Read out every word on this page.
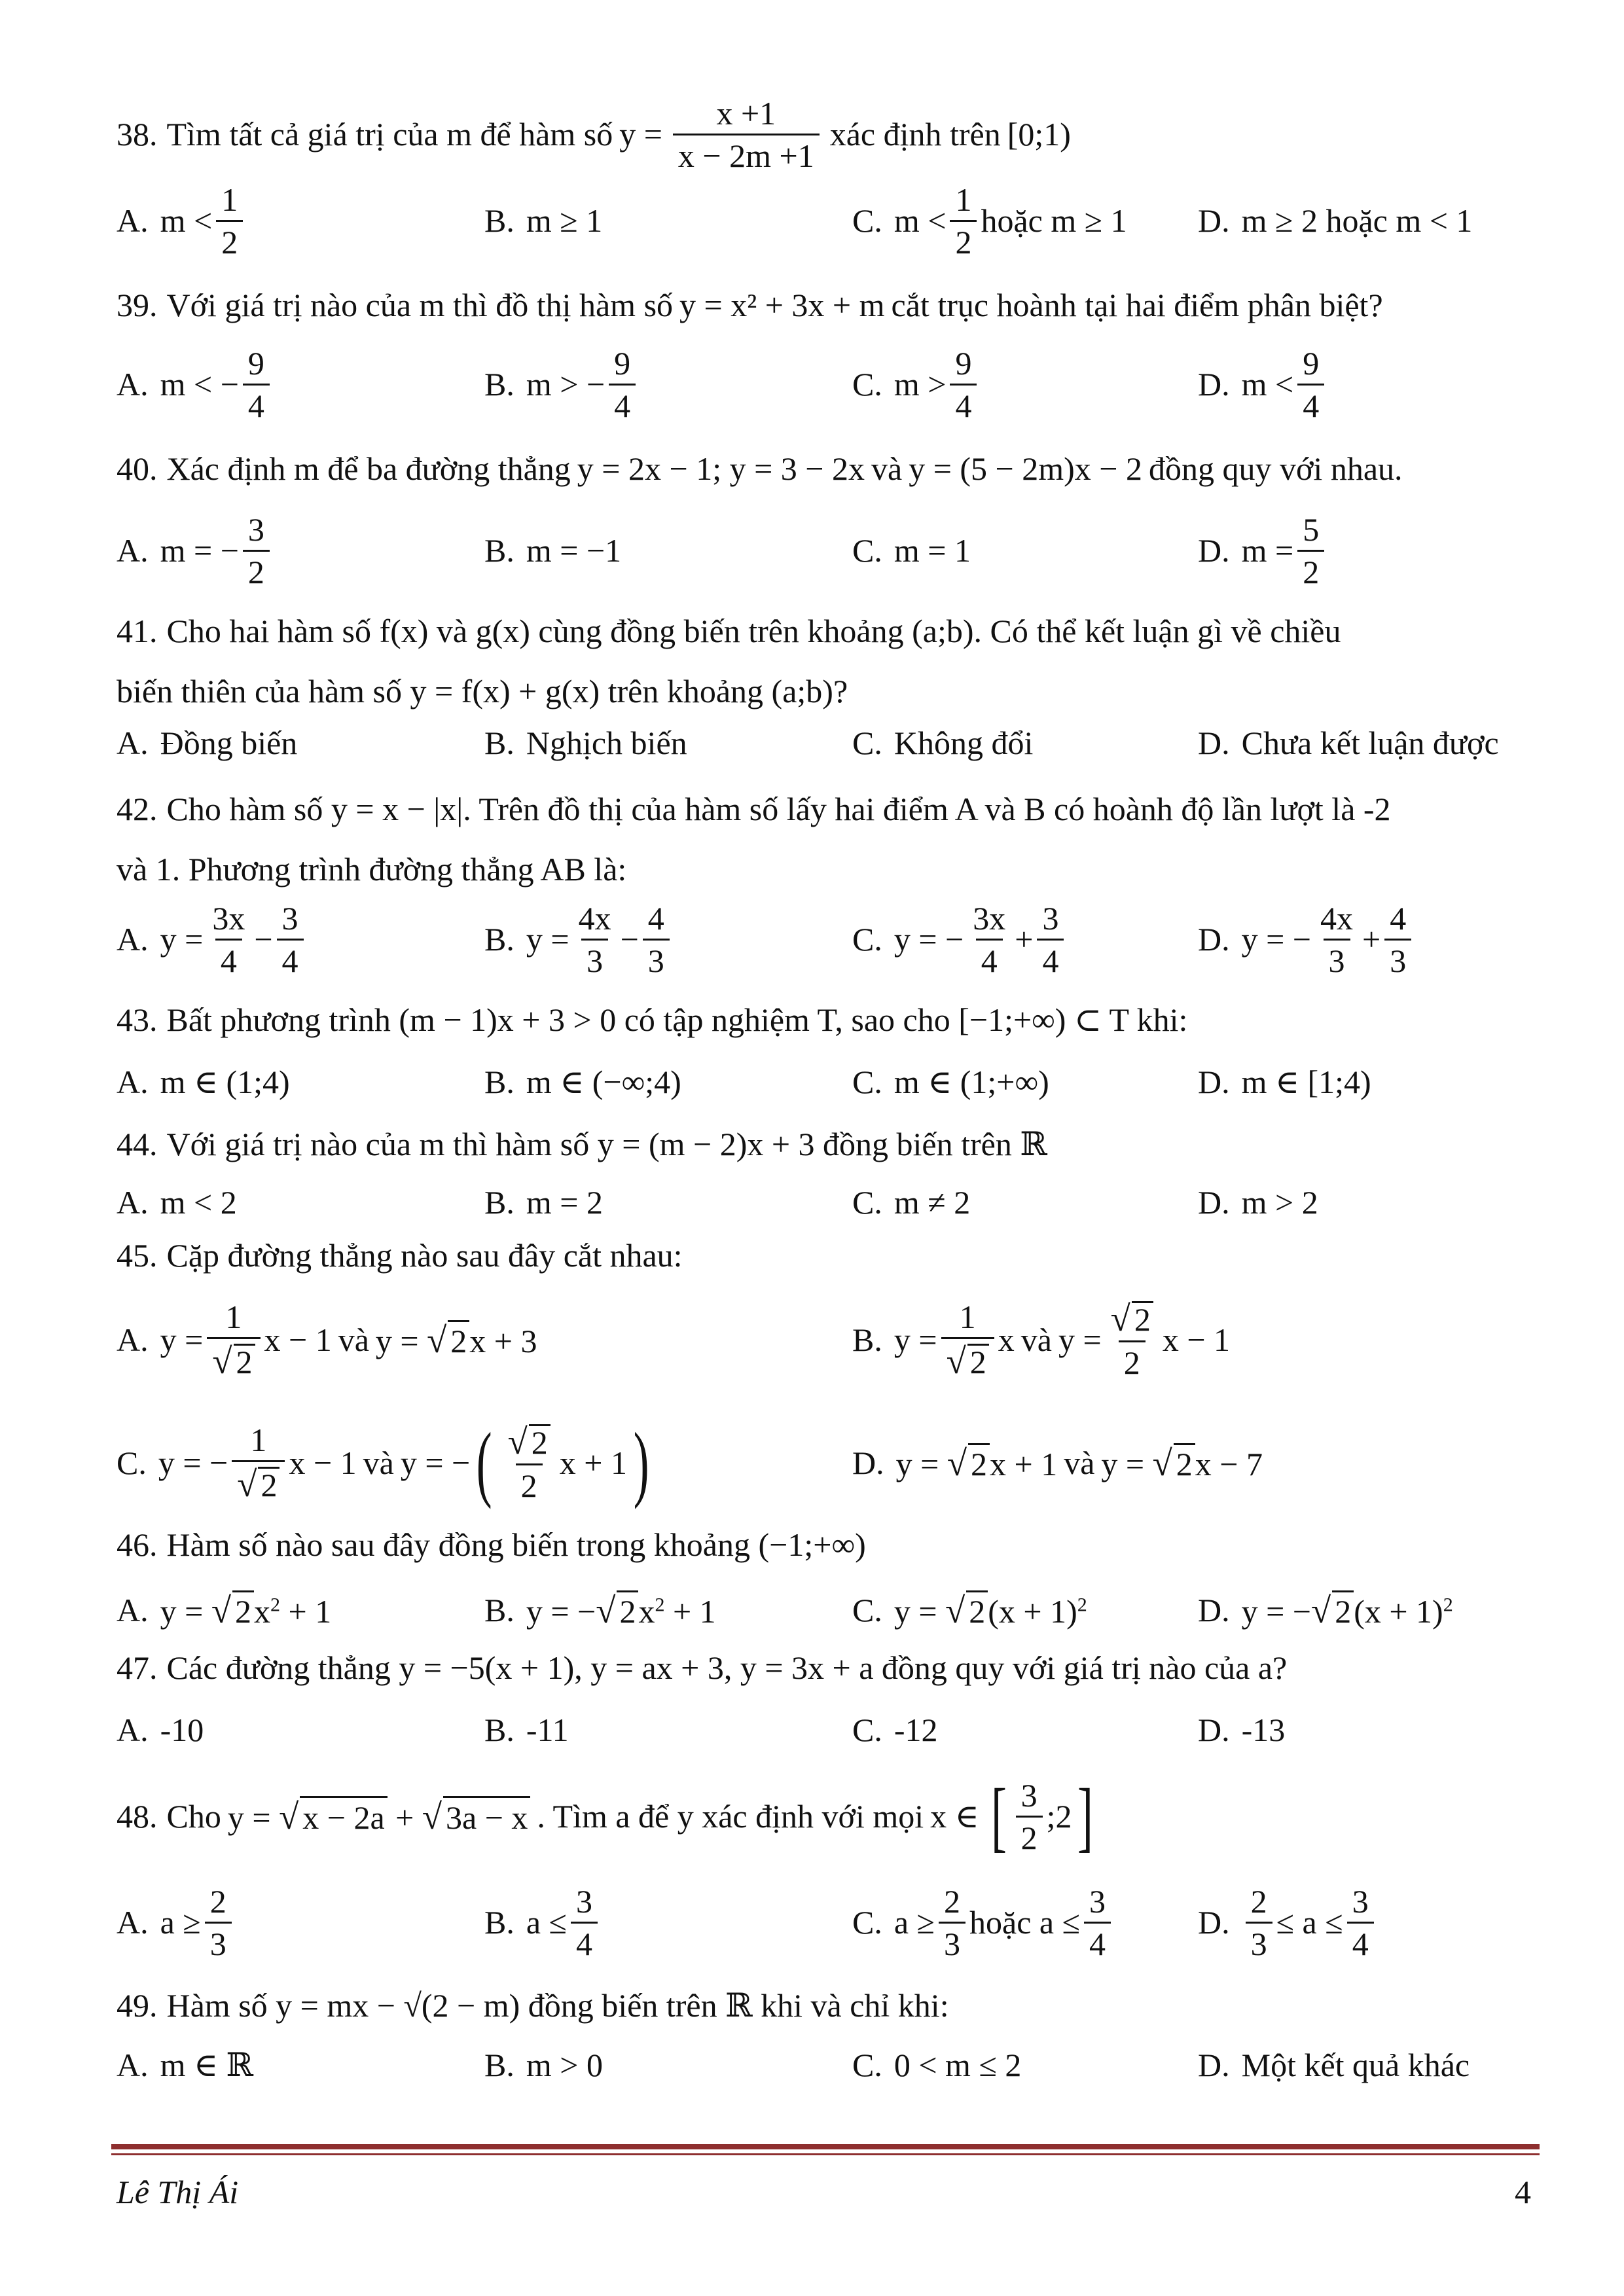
38. Tìm tất cả giá trị của m để hàm số $y = \frac{x +1}{x - 2m +1}$ xác định trên [0;1)
A. $m < \frac{1}{2}$	B. m ≥ 1	C. $m < \frac{1}{2}$ hoặc m ≥ 1 D. m ≥ 2 hoặc m < 1
39. Với giá trị nào của m thì đồ thị hàm số y = x² + 3x + m cắt trục hoành tại hai điểm phân biệt?
A. m < − $\frac{9}{4}$	B. m > − $\frac{9}{4}$	C. $m > \frac{9}{4}$	D. $m < \frac{9}{4}$
40. Xác định m để ba đường thẳng y = 2x − 1; y = 3 − 2x và y = (5 − 2m)x − 2 đồng quy với nhau.
A. m = − $\frac{3}{2}$	B. m = −1	C. m = 1	D. $m = \frac{5}{2}$
41. Cho hai hàm số f(x) và g(x) cùng đồng biến trên khoảng (a;b). Có thể kết luận gì về chiều
biến thiên của hàm số y = f(x) + g(x) trên khoảng (a;b)?
A. Đồng biến	B. Nghịch biến	C. Không đổi	D. Chưa kết luận được
42. Cho hàm số y = x − |x|. Trên đồ thị của hàm số lấy hai điểm A và B có hoành độ lần lượt là -2
và 1. Phương trình đường thẳng AB là:
A. $y = \frac{3x}{4} - \frac{3}{4}$	B. $y = \frac{4x}{3} - \frac{4}{3}$	C. y = − $\frac{3x}{4} + \frac{3}{4}$	D. y = − $\frac{4x}{3} + \frac{4}{3}$
43. Bất phương trình (m − 1)x + 3 > 0 có tập nghiệm T, sao cho [−1;+∞) ⊂ T khi:
A. m ∈ (1;4)	B. m ∈ (−∞;4)	C. m ∈ (1;+∞)	D. m ∈ [1;4)
44. Với giá trị nào của m thì hàm số y = (m − 2)x + 3 đồng biến trên ℝ
A. m < 2	B. m = 2	C. m ≠ 2	D. m > 2
45. Cặp đường thẳng nào sau đây cắt nhau:
A. $y = \frac{1}{√ 2}$ x − 1 và y = √ 2x + 3	B. $y = \frac{1}{√ 2}$ x và $y = \frac{√ 2}{2}$ x − 1
C. y = − $\frac{1}{√ 2}$ x − 1 và y = − ( $\frac{√ 2}{2}$ x + 1 )	D. y = √ 2x + 1 và y = √ 2x − 7
46. Hàm số nào sau đây đồng biến trong khoảng (−1;+∞)
A. y = √ $2x^2 + 1$	B. y = −√ $2x^2 + 1$	C. y = √ $2(x + 1)^2$	D. y = −√ $2(x + 1)^2$
47. Các đường thẳng y = −5(x + 1), y = ax + 3, y = 3x + a đồng quy với giá trị nào của a?
A. -10	B. -11	C. -12	D. -13
48. Cho y = √ x − 2a + √ 3a − x . Tìm a để y xác định với mọi x ∈ [ $\frac{3}{2}$ ;2 ]
A. $a \ge \frac{2}{3}$	B. $a \le \frac{3}{4}$	C. $a \ge \frac{2}{3}$ hoặc $a \le \frac{3}{4}$	D. $\frac{2}{3} \le a \le \frac{3}{4}$
49. Hàm số y = mx − √(2 − m) đồng biến trên ℝ khi và chỉ khi:
A. m ∈ ℝ	B. m > 0	C. 0 < m ≤ 2	D. Một kết quả khác
Lê Thị Ái	4
